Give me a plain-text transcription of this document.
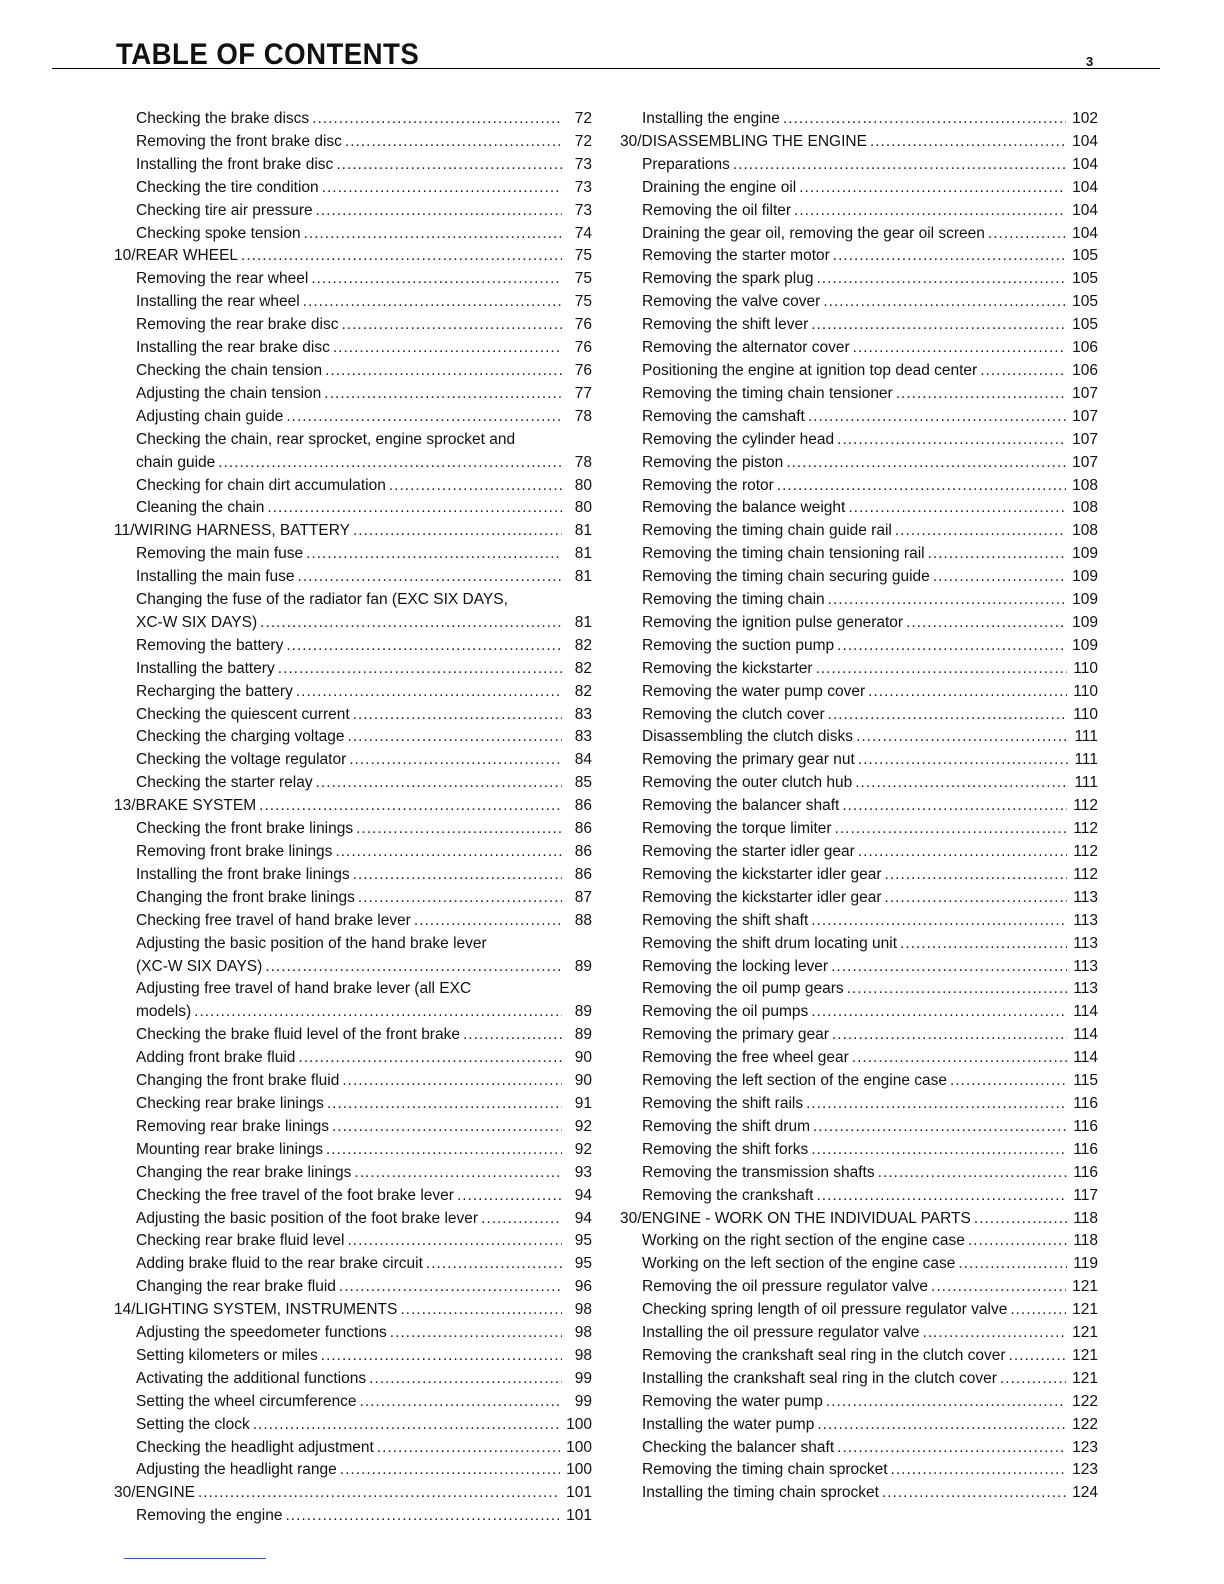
TABLE OF CONTENTS	3
Checking the brake discs .....	72
Removing the front brake disc .....	72
Installing the front brake disc .....	73
Checking the tire condition .....	73
Checking tire air pressure .....	73
Checking spoke tension .....	74
10/REAR WHEEL .....	75
Removing the rear wheel .....	75
Installing the rear wheel .....	75
Removing the rear brake disc .....	76
Installing the rear brake disc .....	76
Checking the chain tension .....	76
Adjusting the chain tension .....	77
Adjusting chain guide .....	78
Checking the chain, rear sprocket, engine sprocket and
chain guide .....	78
Checking for chain dirt accumulation .....	80
Cleaning the chain .....	80
11/WIRING HARNESS, BATTERY .....	81
Removing the main fuse .....	81
Installing the main fuse .....	81
Changing the fuse of the radiator fan (EXC SIX DAYS,
XC-W SIX DAYS) .....	81
Removing the battery .....	82
Installing the battery .....	82
Recharging the battery .....	82
Checking the quiescent current .....	83
Checking the charging voltage .....	83
Checking the voltage regulator .....	84
Checking the starter relay .....	85
13/BRAKE SYSTEM .....	86
Checking the front brake linings .....	86
Removing front brake linings .....	86
Installing the front brake linings .....	86
Changing the front brake linings .....	87
Checking free travel of hand brake lever .....	88
Adjusting the basic position of the hand brake lever
(XC-W SIX DAYS) .....	89
Adjusting free travel of hand brake lever (all EXC
models) .....	89
Checking the brake fluid level of the front brake .....	89
Adding front brake fluid .....	90
Changing the front brake fluid .....	90
Checking rear brake linings .....	91
Removing rear brake linings .....	92
Mounting rear brake linings .....	92
Changing the rear brake linings .....	93
Checking the free travel of the foot brake lever .....	94
Adjusting the basic position of the foot brake lever .....	94
Checking rear brake fluid level .....	95
Adding brake fluid to the rear brake circuit .....	95
Changing the rear brake fluid .....	96
14/LIGHTING SYSTEM, INSTRUMENTS .....	98
Adjusting the speedometer functions .....	98
Setting kilometers or miles .....	98
Activating the additional functions .....	99
Setting the wheel circumference .....	99
Setting the clock .....	100
Checking the headlight adjustment .....	100
Adjusting the headlight range .....	100
30/ENGINE .....	101
Removing the engine .....	101
Installing the engine .....	102
30/DISASSEMBLING THE ENGINE .....	104
Preparations .....	104
Draining the engine oil .....	104
Removing the oil filter .....	104
Draining the gear oil, removing the gear oil screen .....	104
Removing the starter motor .....	105
Removing the spark plug .....	105
Removing the valve cover .....	105
Removing the shift lever .....	105
Removing the alternator cover .....	106
Positioning the engine at ignition top dead center .....	106
Removing the timing chain tensioner .....	107
Removing the camshaft .....	107
Removing the cylinder head .....	107
Removing the piston .....	107
Removing the rotor .....	108
Removing the balance weight .....	108
Removing the timing chain guide rail .....	108
Removing the timing chain tensioning rail .....	109
Removing the timing chain securing guide .....	109
Removing the timing chain .....	109
Removing the ignition pulse generator .....	109
Removing the suction pump .....	109
Removing the kickstarter .....	110
Removing the water pump cover .....	110
Removing the clutch cover .....	110
Disassembling the clutch disks .....	111
Removing the primary gear nut .....	111
Removing the outer clutch hub .....	111
Removing the balancer shaft .....	112
Removing the torque limiter .....	112
Removing the starter idler gear .....	112
Removing the kickstarter idler gear .....	112
Removing the kickstarter idler gear .....	113
Removing the shift shaft .....	113
Removing the shift drum locating unit .....	113
Removing the locking lever .....	113
Removing the oil pump gears .....	113
Removing the oil pumps .....	114
Removing the primary gear .....	114
Removing the free wheel gear .....	114
Removing the left section of the engine case .....	115
Removing the shift rails .....	116
Removing the shift drum .....	116
Removing the shift forks .....	116
Removing the transmission shafts .....	116
Removing the crankshaft .....	117
30/ENGINE - WORK ON THE INDIVIDUAL PARTS .....	118
Working on the right section of the engine case .....	118
Working on the left section of the engine case .....	119
Removing the oil pressure regulator valve .....	121
Checking spring length of oil pressure regulator valve .....	121
Installing the oil pressure regulator valve .....	121
Removing the crankshaft seal ring in the clutch cover .....	121
Installing the crankshaft seal ring in the clutch cover .....	121
Removing the water pump .....	122
Installing the water pump .....	122
Checking the balancer shaft .....	123
Removing the timing chain sprocket .....	123
Installing the timing chain sprocket .....	124
